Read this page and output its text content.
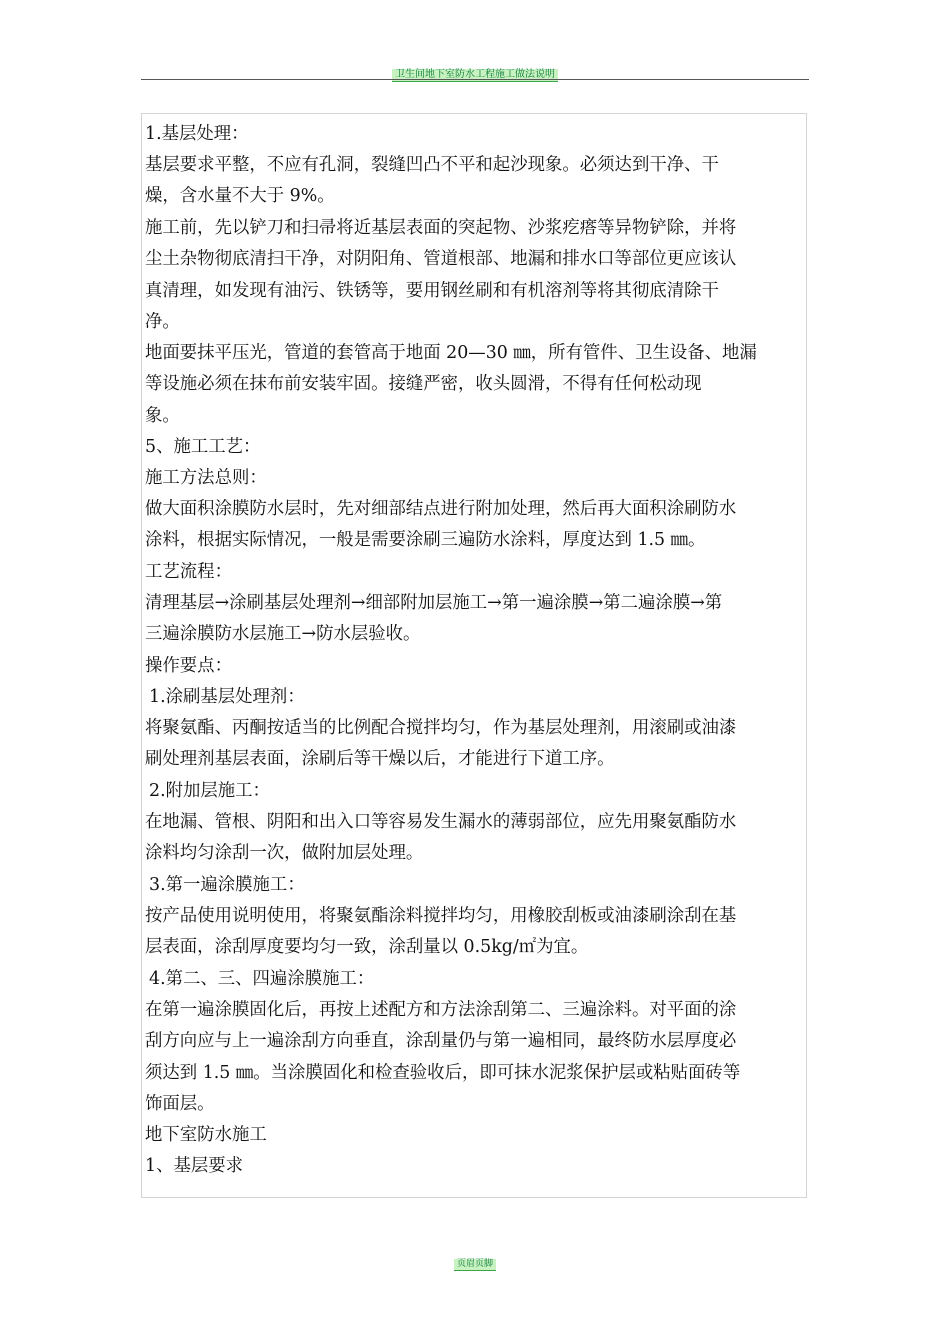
卫生间地下室防水工程施工做法说明

1.基层处理：

基层要求平整，不应有孔洞，裂缝凹凸不平和起沙现象。必须达到干净、干
燥，含水量不大于 9%。

施工前，先以铲刀和扫帚将近基层表面的突起物、沙浆疙瘩等异物铲除，并将
尘土杂物彻底清扫干净，对阴阳角、管道根部、地漏和排水口等部位更应该认
真清理，如发现有油污、铁锈等，要用钢丝刷和有机溶剂等将其彻底清除干
净。

地面要抹平压光，管道的套管高于地面 20—30 ㎜，所有管件、卫生设备、地漏
等设施必须在抹布前安装牢固。接缝严密，收头圆滑，不得有任何松动现
象。

5、施工工艺：

施工方法总则：

做大面积涂膜防水层时，先对细部结点进行附加处理，然后再大面积涂刷防水
涂料，根据实际情况，一般是需要涂刷三遍防水涂料，厚度达到 1.5 ㎜。

工艺流程：

清理基层→涂刷基层处理剂→细部附加层施工→第一遍涂膜→第二遍涂膜→第
三遍涂膜防水层施工→防水层验收。

操作要点：

1.涂刷基层处理剂：

将聚氨酯、丙酮按适当的比例配合搅拌均匀，作为基层处理剂，用滚刷或油漆
刷处理剂基层表面，涂刷后等干燥以后，才能进行下道工序。

2.附加层施工：

在地漏、管根、阴阳和出入口等容易发生漏水的薄弱部位，应先用聚氨酯防水
涂料均匀涂刮一次，做附加层处理。

3.第一遍涂膜施工：

按产品使用说明使用，将聚氨酯涂料搅拌均匀，用橡胶刮板或油漆刷涂刮在基
层表面，涂刮厚度要均匀一致，涂刮量以 0.5kg/㎡为宜。

4.第二、三、四遍涂膜施工：

在第一遍涂膜固化后，再按上述配方和方法涂刮第二、三遍涂料。对平面的涂
刮方向应与上一遍涂刮方向垂直，涂刮量仍与第一遍相同，最终防水层厚度必
须达到 1.5 ㎜。当涂膜固化和检查验收后，即可抹水泥浆保护层或粘贴面砖等
饰面层。

地下室防水施工

1、基层要求

页眉页脚
